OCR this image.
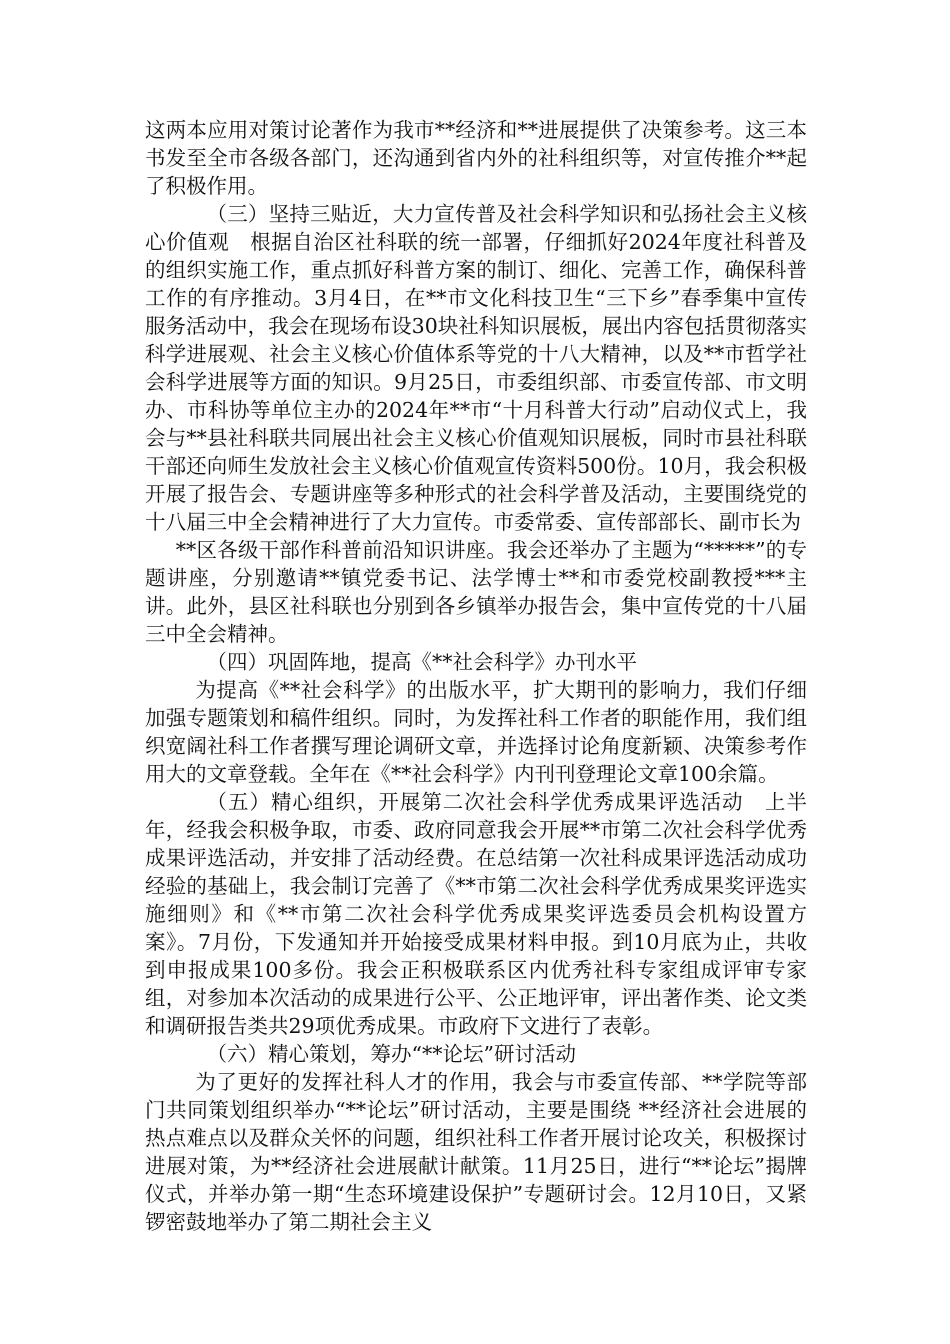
这两本应用对策讨论著作为我市**经济和**进展提供了决策参考。这三本书发至全市各级各部门，还沟通到省内外的社科组织等，对宣传推介**起了积极作用。

（三）坚持三贴近，大力宣传普及社会科学知识和弘扬社会主义核心价值观　根据自治区社科联的统一部署，仔细抓好2024年度社科普及的组织实施工作，重点抓好科普方案的制订、细化、完善工作，确保科普工作的有序推动。3月4日，在**市文化科技卫生“三下乡”春季集中宣传服务活动中，我会在现场布设30块社科知识展板，展出内容包括贯彻落实科学进展观、社会主义核心价值体系等党的十八大精神，以及**市哲学社会科学进展等方面的知识。9月25日，市委组织部、市委宣传部、市文明办、市科协等单位主办的2024年**市“十月科普大行动”启动仪式上，我会与**县社科联共同展出社会主义核心价值观知识展板，同时市县社科联干部还向师生发放社会主义核心价值观宣传资料500份。10月，我会积极开展了报告会、专题讲座等多种形式的社会科学普及活动，主要围绕党的十八届三中全会精神进行了大力宣传。市委常委、宣传部部长、副市长为

**区各级干部作科普前沿知识讲座。我会还举办了主题为“*****”的专题讲座，分别邀请**镇党委书记、法学博士**和市委党校副教授***主讲。此外，县区社科联也分别到各乡镇举办报告会，集中宣传党的十八届三中全会精神。

（四）巩固阵地，提高《**社会科学》办刊水平

为提高《**社会科学》的出版水平，扩大期刊的影响力，我们仔细加强专题策划和稿件组织。同时，为发挥社科工作者的职能作用，我们组织宽阔社科工作者撰写理论调研文章，并选择讨论角度新颖、决策参考作用大的文章登载。全年在《**社会科学》内刊刊登理论文章100余篇。

（五）精心组织，开展第二次社会科学优秀成果评选活动　上半年，经我会积极争取，市委、政府同意我会开展**市第二次社会科学优秀成果评选活动，并安排了活动经费。在总结第一次社科成果评选活动成功经验的基础上，我会制订完善了《**市第二次社会科学优秀成果奖评选实施细则》和《**市第二次社会科学优秀成果奖评选委员会机构设置方案》。7月份，下发通知并开始接受成果材料申报。到10月底为止，共收到申报成果100多份。我会正积极联系区内优秀社科专家组成评审专家组，对参加本次活动的成果进行公平、公正地评审，评出著作类、论文类和调研报告类共29项优秀成果。市政府下文进行了表彰。

（六）精心策划，筹办“**论坛”研讨活动

为了更好的发挥社科人才的作用，我会与市委宣传部、**学院等部门共同策划组织举办“**论坛”研讨活动，主要是围绕 **经济社会进展的热点难点以及群众关怀的问题，组织社科工作者开展讨论攻关，积极探讨进展对策，为**经济社会进展献计献策。11月25日，进行“**论坛”揭牌仪式，并举办第一期“生态环境建设保护”专题研讨会。12月10日，又紧锣密鼓地举办了第二期社会主义
